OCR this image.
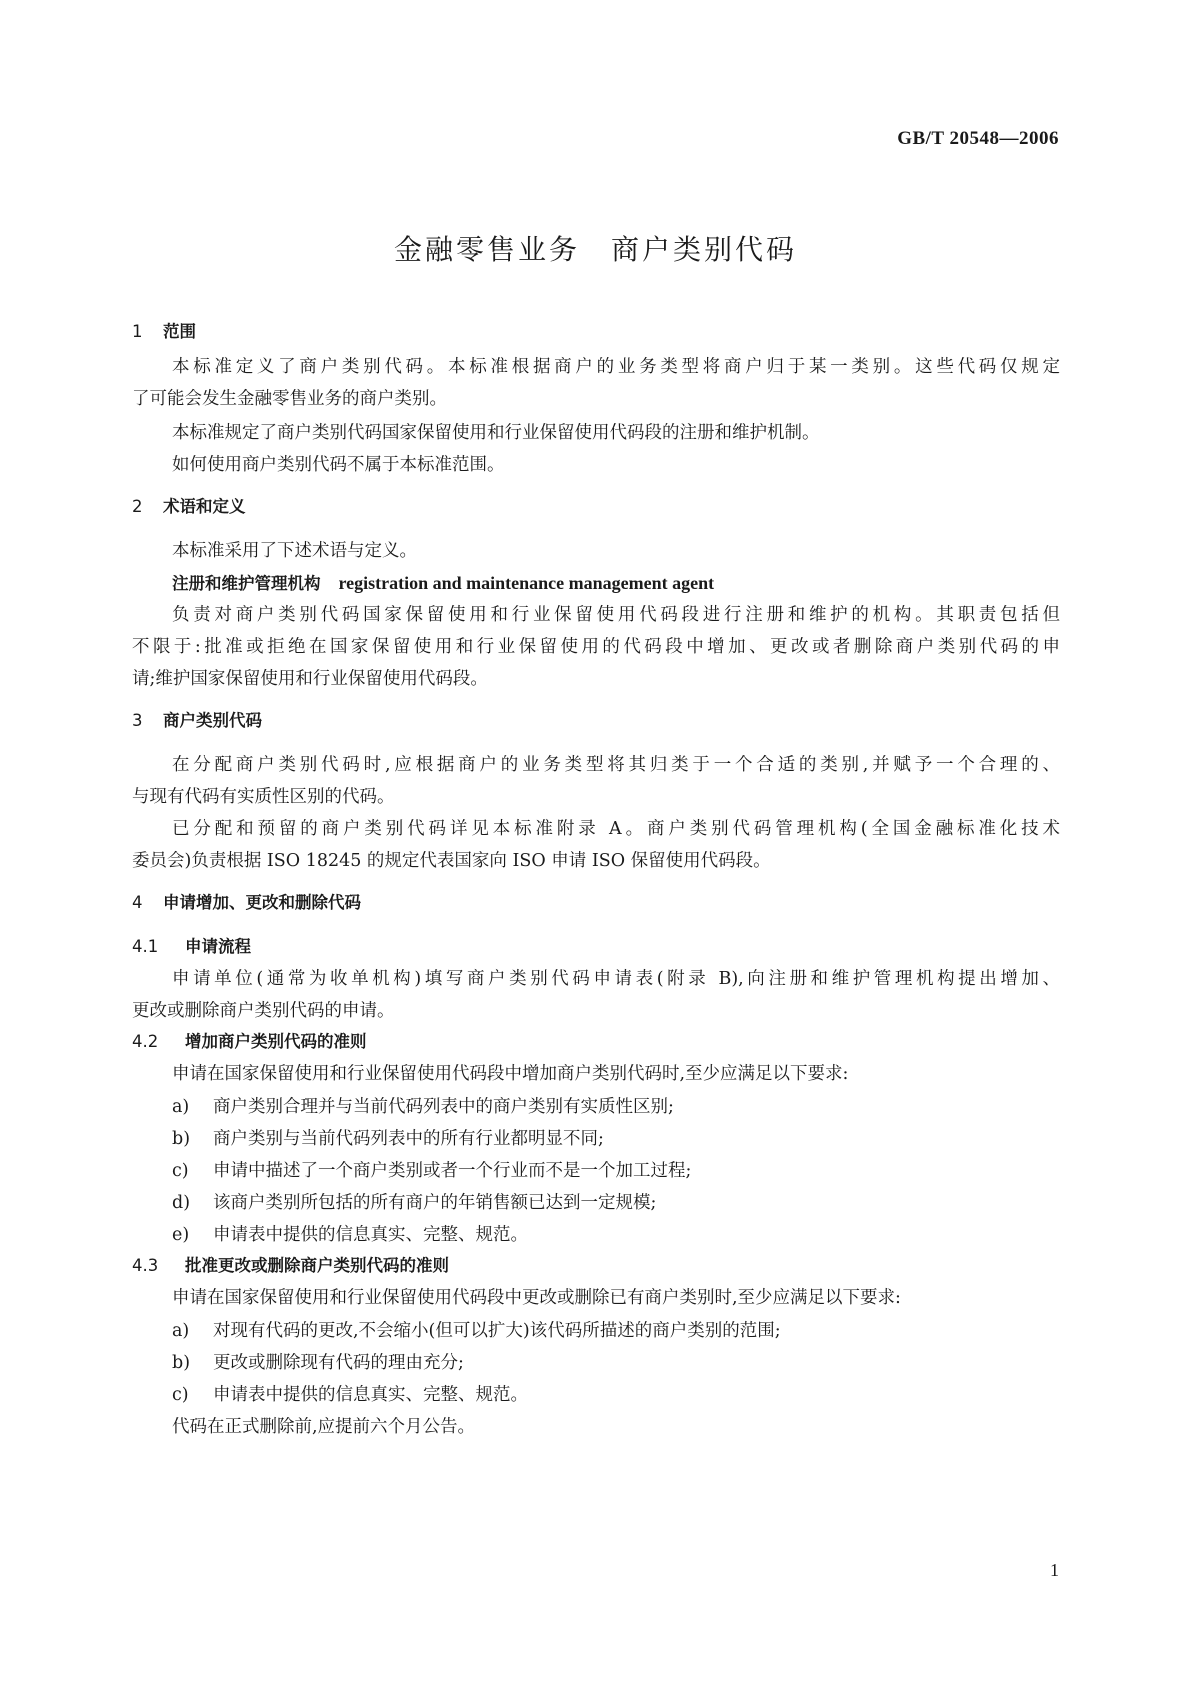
GB/T 20548—2006
金融零售业务　商户类别代码
1 范围
本标准定义了商户类别代码。本标准根据商户的业务类型将商户归于某一类别。这些代码仅规定
了可能会发生金融零售业务的商户类别。
本标准规定了商户类别代码国家保留使用和行业保留使用代码段的注册和维护机制。
如何使用商户类别代码不属于本标准范围。
2 术语和定义
本标准采用了下述术语与定义。
注册和维护管理机构 registration and maintenance management agent
负责对商户类别代码国家保留使用和行业保留使用代码段进行注册和维护的机构。其职责包括但
不限于:批准或拒绝在国家保留使用和行业保留使用的代码段中增加、更改或者删除商户类别代码的申
请;维护国家保留使用和行业保留使用代码段。
3 商户类别代码
在分配商户类别代码时,应根据商户的业务类型将其归类于一个合适的类别,并赋予一个合理的、
与现有代码有实质性区别的代码。
已分配和预留的商户类别代码详见本标准附录 A。商户类别代码管理机构(全国金融标准化技术
委员会)负责根据 ISO 18245 的规定代表国家向 ISO 申请 ISO 保留使用代码段。
4 申请增加、更改和删除代码
4.1 申请流程
申请单位(通常为收单机构)填写商户类别代码申请表(附录 B),向注册和维护管理机构提出增加、
更改或删除商户类别代码的申请。
4.2 增加商户类别代码的准则
申请在国家保留使用和行业保留使用代码段中增加商户类别代码时,至少应满足以下要求:
a) 商户类别合理并与当前代码列表中的商户类别有实质性区别;
b) 商户类别与当前代码列表中的所有行业都明显不同;
c) 申请中描述了一个商户类别或者一个行业而不是一个加工过程;
d) 该商户类别所包括的所有商户的年销售额已达到一定规模;
e) 申请表中提供的信息真实、完整、规范。
4.3 批准更改或删除商户类别代码的准则
申请在国家保留使用和行业保留使用代码段中更改或删除已有商户类别时,至少应满足以下要求:
a) 对现有代码的更改,不会缩小(但可以扩大)该代码所描述的商户类别的范围;
b) 更改或删除现有代码的理由充分;
c) 申请表中提供的信息真实、完整、规范。
代码在正式删除前,应提前六个月公告。
1
